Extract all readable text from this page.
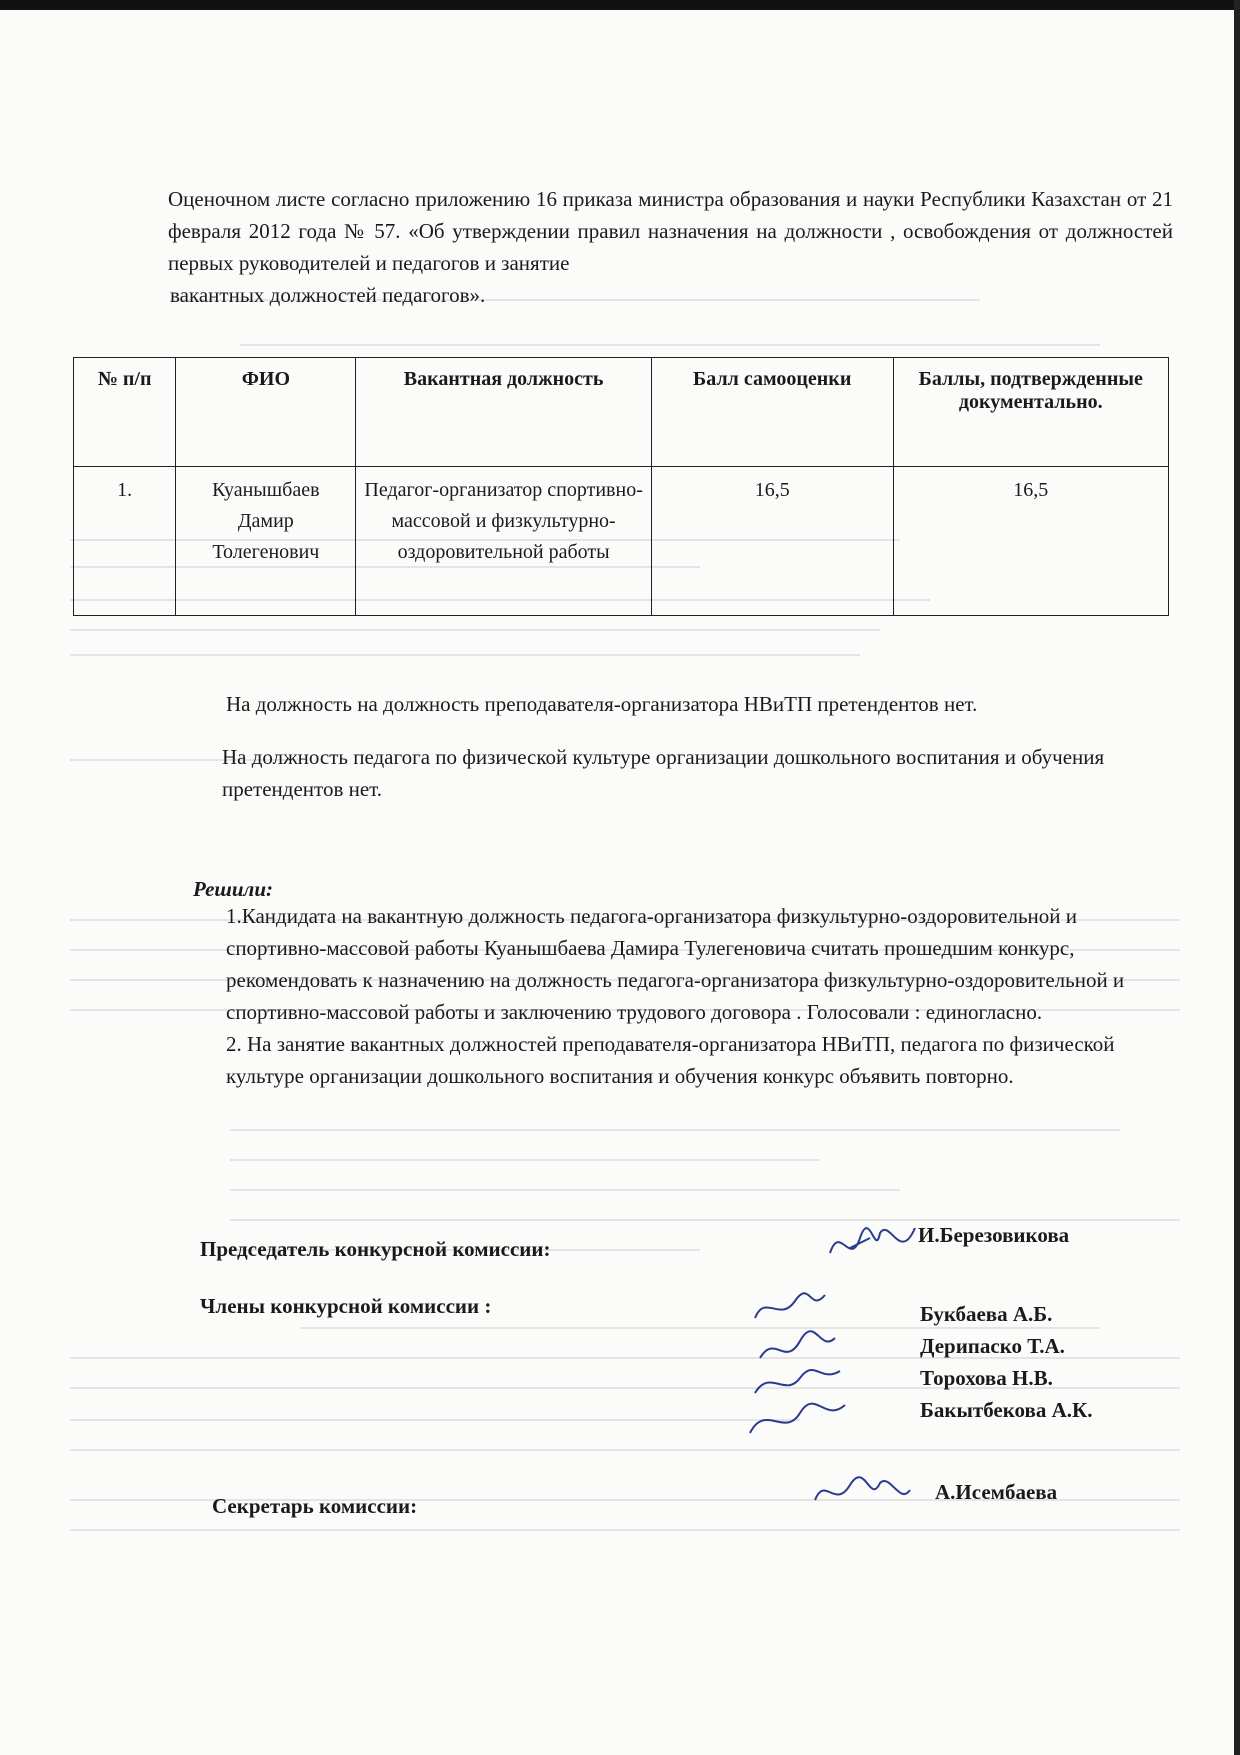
Оценочном листе согласно приложению 16 приказа министра образования и науки Республики Казахстан от 21 февраля 2012 года № 57. «Об утверждении правил назначения на должности , освобождения от должностей первых руководителей и педагогов и занятие
вакантных должностей педагогов».
№ п/п	ФИО	Вакантная должность	Балл самооценки	Баллы, подтвержденные документально.
1.	Куанышбаев
Дамир
Толегенович	Педагог-организатор спортивно-массовой и физкультурно-оздоровительной работы	16,5	16,5
На должность на должность преподавателя-организатора НВиТП претендентов нет.
На должность педагога по физической культуре организации дошкольного воспитания и обучения претендентов нет.
Решили:

1.Кандидата на вакантную должность педагога-организатора физкультурно-оздоровительной и спортивно-массовой работы Куанышбаева Дамира Тулегеновича считать прошедшим конкурс, рекомендовать к назначению на должность педагога-организатора физкультурно-оздоровительной и спортивно-массовой работы и заключению трудового договора . Голосовали : единогласно.

2. На занятие вакантных должностей преподавателя-организатора НВиТП, педагога по физической культуре организации дошкольного воспитания и обучения конкурс объявить повторно.

Председатель конкурсной комиссии:
И.Березовикова
Члены конкурсной комиссии :	Букбаева А.Б.
Дерипаско Т.А.
Торохова Н.В.
Бакытбекова А.К.
Секретарь комиссии:
А.Исембаева
